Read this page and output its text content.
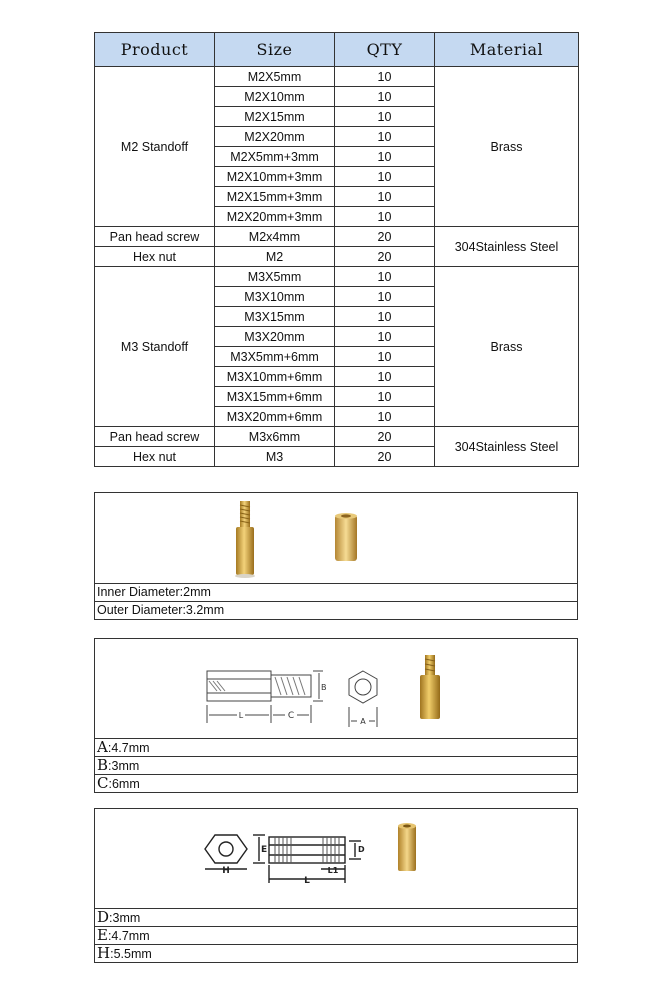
Product	Size	QTY	Material
M2 Standoff	M2X5mm	10	Brass
	M2X10mm	10	
	M2X15mm	10	
	M2X20mm	10	
	M2X5mm+3mm	10	
	M2X10mm+3mm	10	
	M2X15mm+3mm	10	
	M2X20mm+3mm	10	
Pan head screw	M2x4mm	20	304Stainless Steel
Hex nut	M2	20	
M3 Standoff	M3X5mm	10	Brass
	M3X10mm	10	
	M3X15mm	10	
	M3X20mm	10	
	M3X5mm+6mm	10	
	M3X10mm+6mm	10	
	M3X15mm+6mm	10	
	M3X20mm+6mm	10	
Pan head screw	M3x6mm	20	304Stainless Steel
Hex nut	M3	20	
Inner Diameter:2mm
Outer Diameter:3.2mm
L	C
B
A
A:4.7mm
B:3mm
C:6mm
H
E	D
L1
L
D:3mm
E:4.7mm
H:5.5mm
